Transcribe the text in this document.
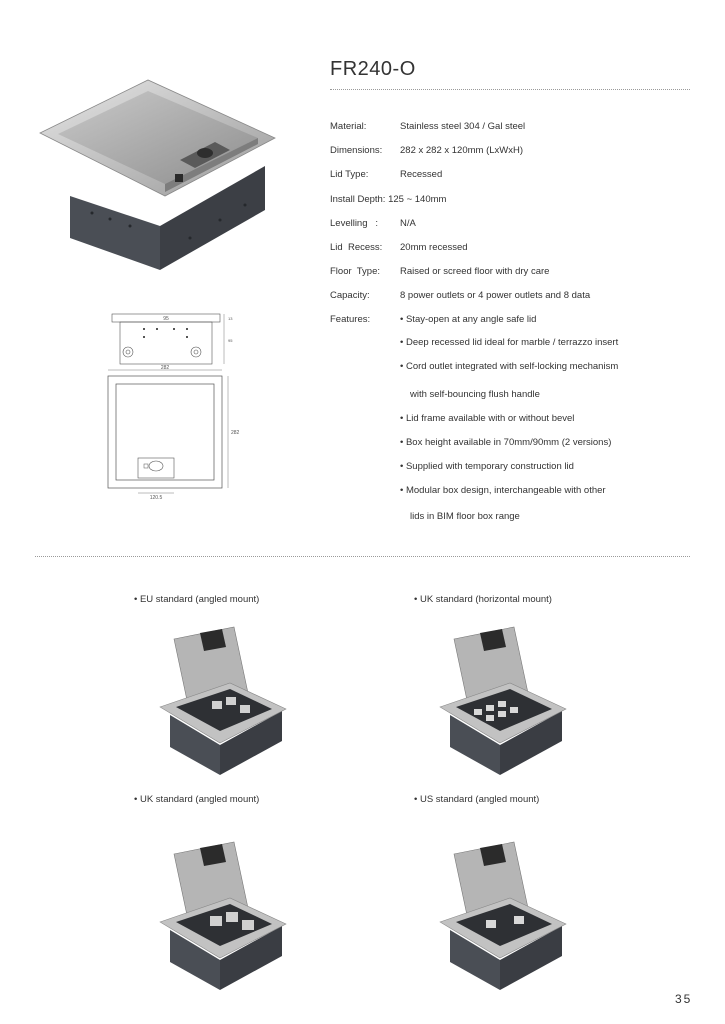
FR240-O
95	13
95
282
282
120.5
Material:	Stainless steel 304 / Gal steel
Dimensions: 282 x 282 x 120mm (LxWxH)
Lid Type:	Recessed
Install Depth: 125 ~ 140mm
Levelling   : N/A
Lid  Recess: 20mm recessed
Floor  Type: Raised or screed floor with dry care
Capacity:	8 power outlets or 4 power outlets and 8 data
Features:	• Stay-open at any angle safe lid
• Deep recessed lid ideal for marble / terrazzo insert
• Cord outlet integrated with self-locking mechanism
with self-bouncing flush handle
• Lid frame available with or without bevel
• Box height available in 70mm/90mm (2 versions)
• Supplied with temporary construction lid
• Modular box design, interchangeable with other
lids in BIM floor box range
• EU standard (angled mount)	• UK standard (horizontal mount)
• UK standard (angled mount)	• US standard (angled mount)
35
